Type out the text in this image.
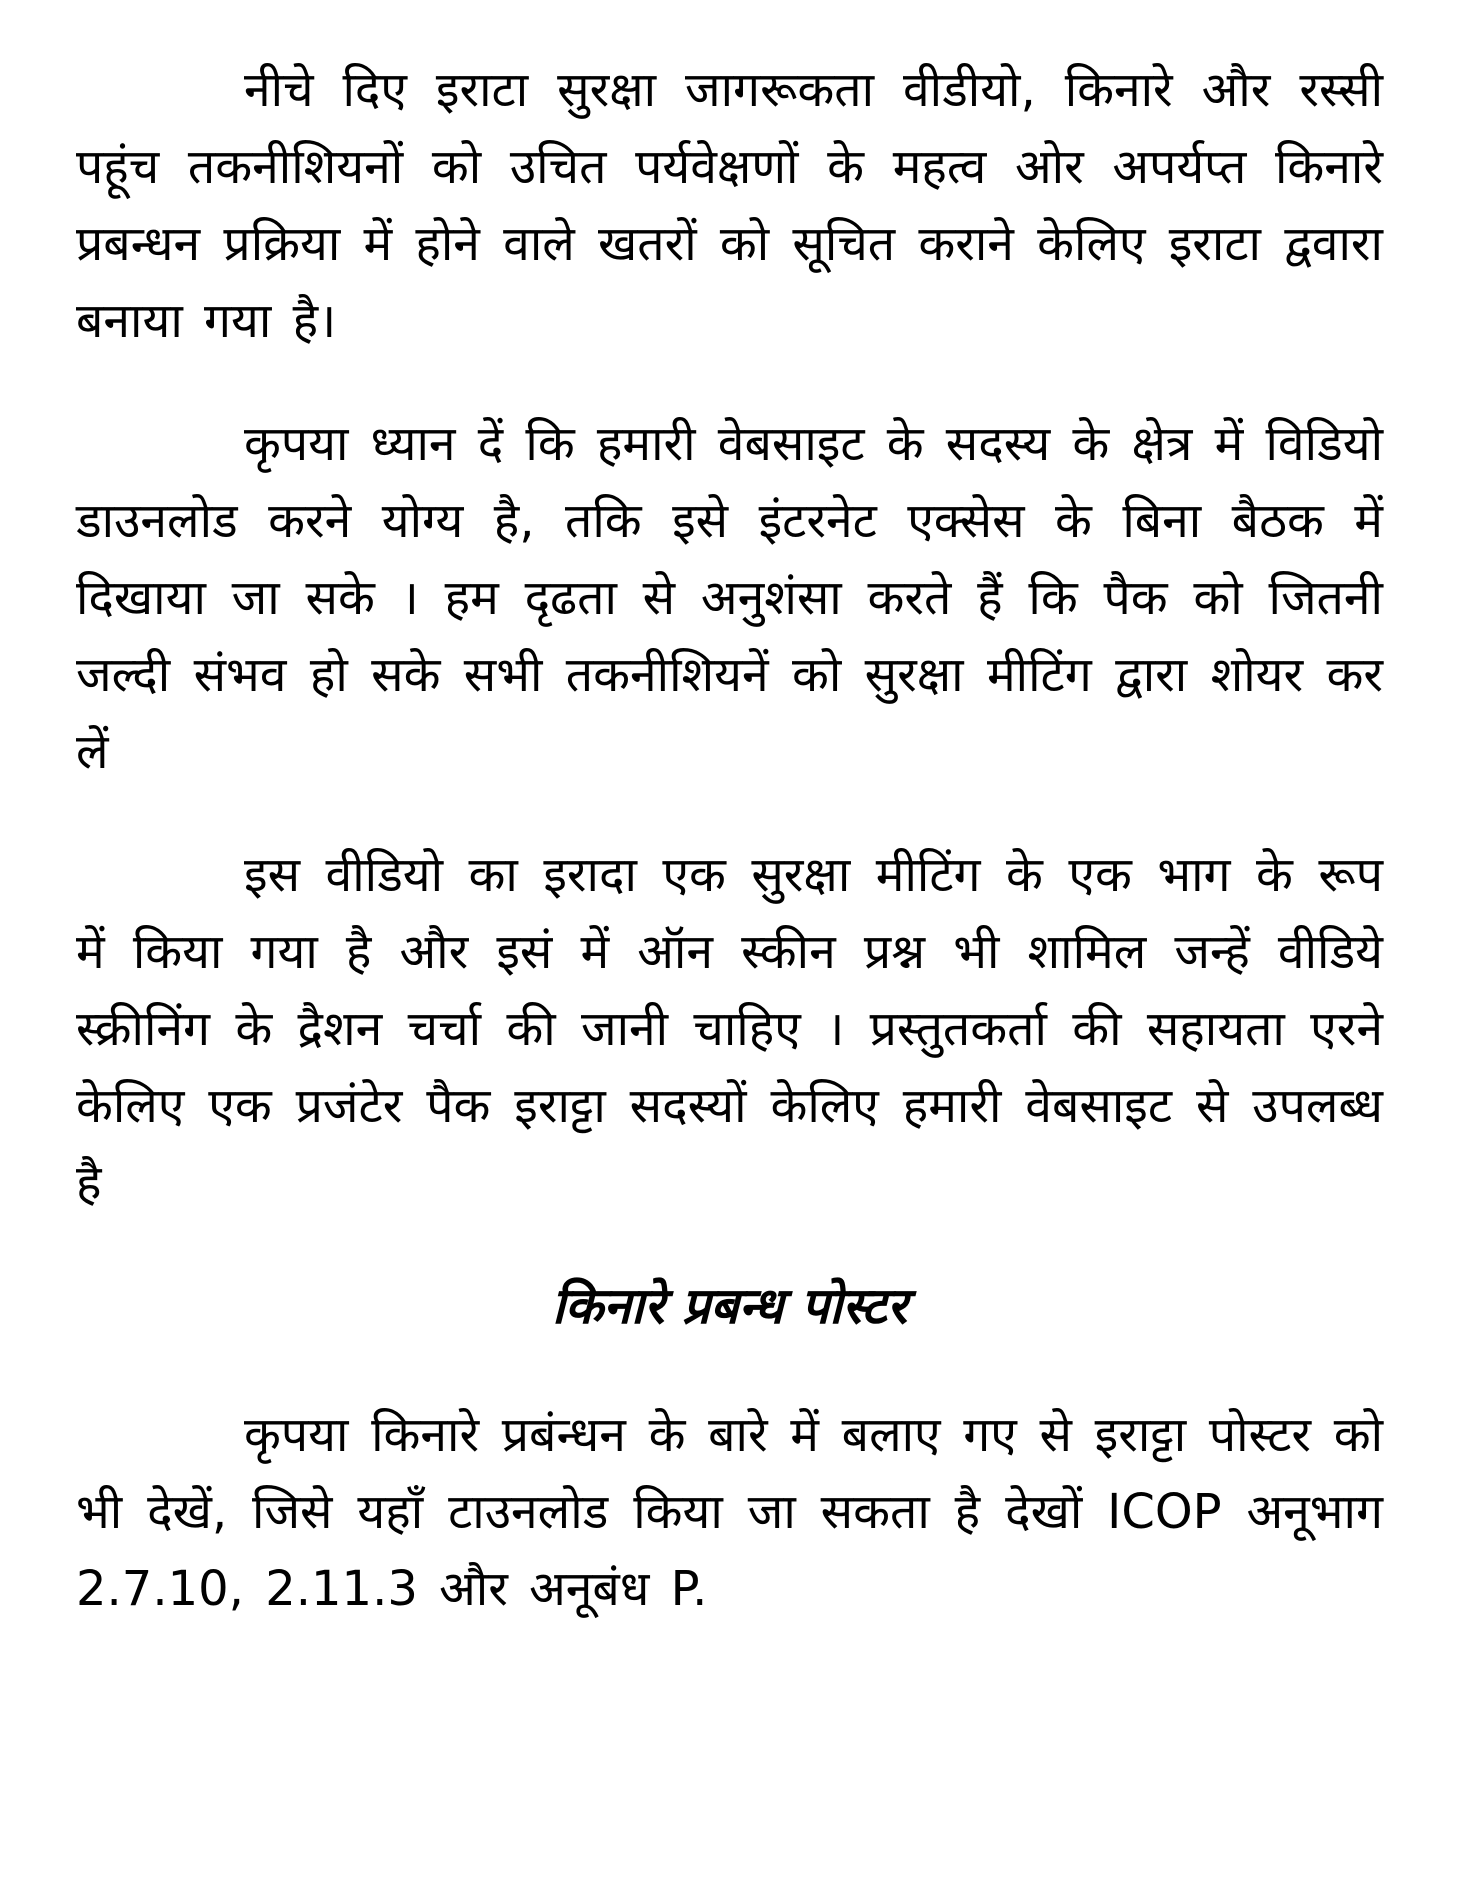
नीचे दिए इराटा सुरक्षा जागरूकता वीडीयो, किनारे और रस्सी पहूंच तकनीशियनों को उचित पर्यवेक्षणों के महत्व ओर अपर्यप्त किनारे प्रबन्धन प्रक्रिया में होने वाले खतरों को सूचित कराने केलिए इराटा द्ववारा बनाया गया है।

कृपया ध्यान दें कि हमारी वेबसाइट के सदस्य के क्षेत्र में विडियो डाउनलोड करने योग्य है, तकि इसे इंटरनेट एक्सेस के बिना बैठक में दिखाया जा सके । हम दृढता से अनुशंसा करते हैं कि पैक को जितनी जल्दी संभव हो सके सभी तकनीशियनें को सुरक्षा मीटिंग द्वारा शोयर कर लें

इस वीडियो का इरादा एक सुरक्षा मीटिंग के एक भाग के रूप में किया गया है और इसं में ऑन स्कीन प्रश्न भी शामिल जन्हें वीडिये स्क्रीनिंग के द्रैशन चर्चा की जानी चाहिए । प्रस्तुतकर्ता की सहायता एरने केलिए एक प्रजंटेर पैक इराट्टा सदस्यों केलिए हमारी वेबसाइट से उपलब्ध है

किनारे प्रबन्ध पोस्टर

कृपया किनारे प्रबंन्धन के बारे में बलाए गए से इराट्टा पोस्टर को भी देखें, जिसे यहाँ टाउनलोड किया जा सकता है देखों ICOP अनूभाग 2.7.10, 2.11.3 और अनूबंध P.
